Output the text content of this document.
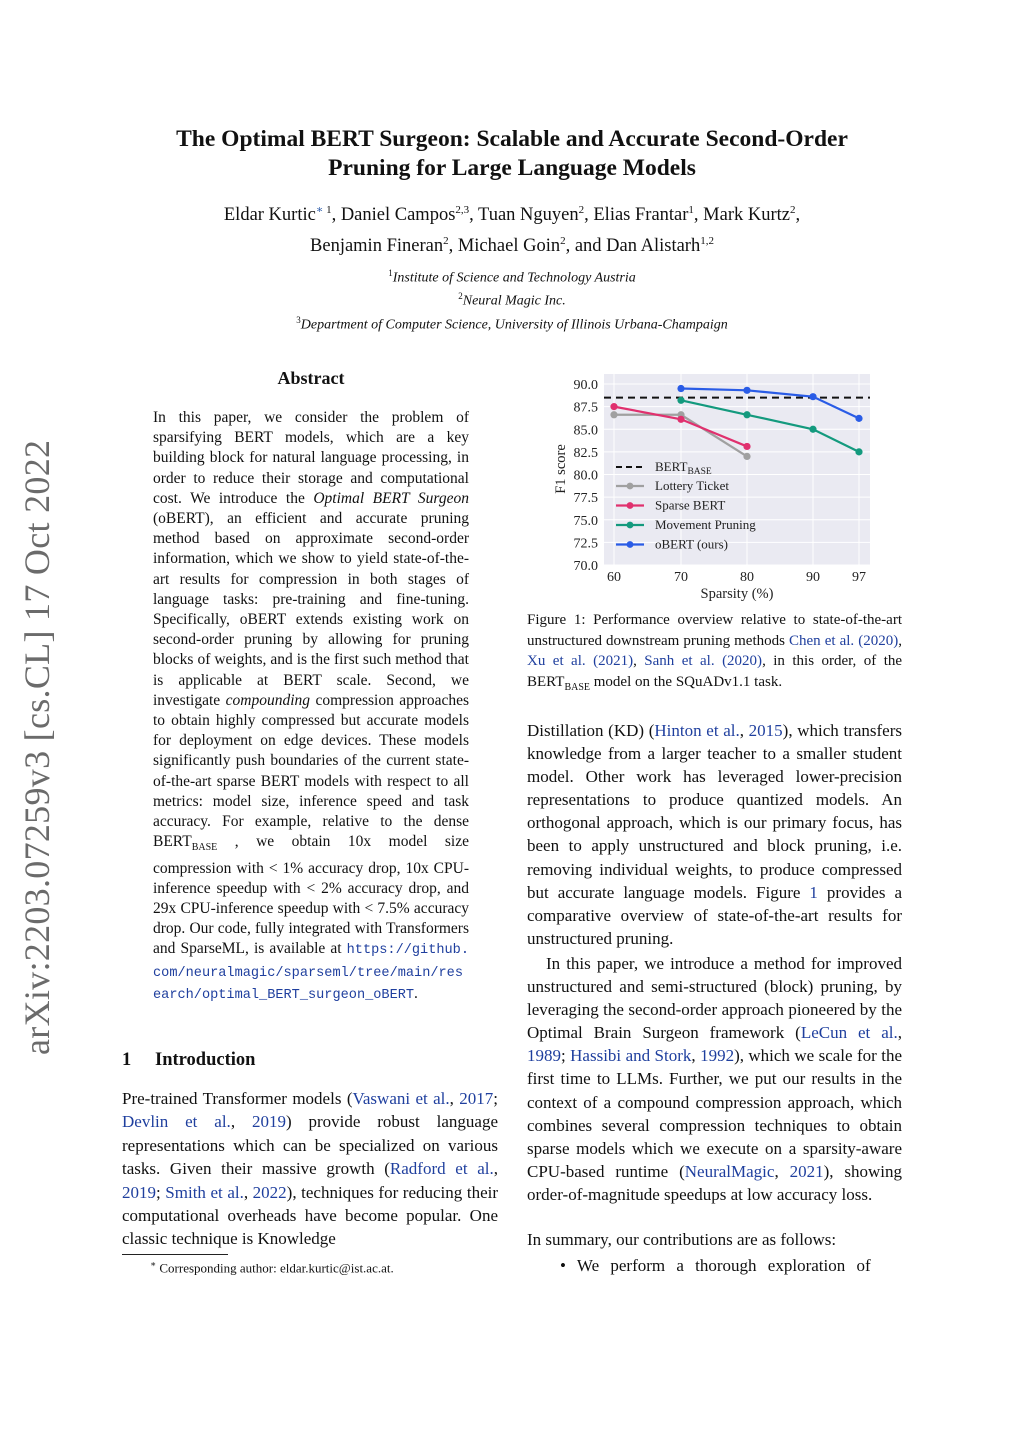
The Optimal BERT Surgeon: Scalable and Accurate Second-Order
Pruning for Large Language Models
Eldar Kurtic∗ $^1$, Daniel Campos$^{2,3}$, Tuan Nguyen$^2$, Elias Frantar$^1$, Mark Kurtz$^2$,
Benjamin Fineran$^2$, Michael Goin$^2$, and Dan Alistarh$^{1,2}$
$^1$Institute of Science and Technology Austria
$^2$Neural Magic Inc.
$^3$Department of Computer Science, University of Illinois Urbana-Champaign
arXiv:2203.07259v3 [cs.CL] 17 Oct 2022
Abstract
In this paper, we consider the problem of sparsifying BERT models, which are a key building block for natural language processing, in order to reduce their storage and computational cost. We introduce the Optimal BERT Surgeon (oBERT), an efficient and accurate pruning method based on approximate second-order information, which we show to yield state-of-the-art results for compression in both stages of language tasks: pre-training and fine-tuning. Specifically, oBERT extends existing work on second-order pruning by allowing for pruning blocks of weights, and is the first such method that is applicable at BERT scale. Second, we investigate compounding compression approaches to obtain highly compressed but accurate models for deployment on edge devices. These models significantly push boundaries of the current state-of-the-art sparse BERT models with respect to all metrics: model size, inference speed and task accuracy. For example, relative to the dense $BERT_{BASE}$ , we obtain 10x model size compression with < 1% accuracy drop, 10x CPU-inference speedup with < 2% accuracy drop, and 29x CPU-inference speedup with < 7.5% accuracy drop. Our code, fully integrated with Transformers and SparseML, is available at https://github.com/neuralmagic/sparseml/tree/main/research/optimal_BERT_surgeon_oBERT.
1 Introduction
Pre-trained Transformer models (Vaswani et al., 2017; Devlin et al., 2019) provide robust language representations which can be specialized on various tasks. Given their massive growth (Radford et al., 2019; Smith et al., 2022), techniques for reducing their computational overheads have become popular. One classic technique is Knowledge
∗ Corresponding author: eldar.kurtic@ist.ac.at.
70.0
72.5
75.0
77.5
80.0
82.5
85.0
87.5
90.0
60	70	80	90 97
Sparsity (%)
F1 score	$BERT_{BASE}$
Lottery Ticket
Sparse BERT
Movement Pruning
oBERT (ours)
Figure 1: Performance overview relative to state-of-the-art unstructured downstream pruning methods Chen et al. (2020), Xu et al. (2021), Sanh et al. (2020), in this order, of the $BERT_{BASE}$ model on the SQuADv1.1 task.
Distillation (KD) (Hinton et al., 2015), which transfers knowledge from a larger teacher to a smaller student model. Other work has leveraged lower-precision representations to produce quantized models. An orthogonal approach, which is our primary focus, has been to apply unstructured and block pruning, i.e. removing individual weights, to produce compressed but accurate language models. Figure 1 provides a comparative overview of state-of-the-art results for unstructured pruning.
In this paper, we introduce a method for improved unstructured and semi-structured (block) pruning, by leveraging the second-order approach pioneered by the Optimal Brain Surgeon framework (LeCun et al., 1989; Hassibi and Stork, 1992), which we scale for the first time to LLMs. Further, we put our results in the context of a compound compression approach, which combines several compression techniques to obtain sparse models which we execute on a sparsity-aware CPU-based runtime (NeuralMagic, 2021), showing order-of-magnitude speedups at low accuracy loss.
In summary, our contributions are as follows:
• We perform a thorough exploration of
